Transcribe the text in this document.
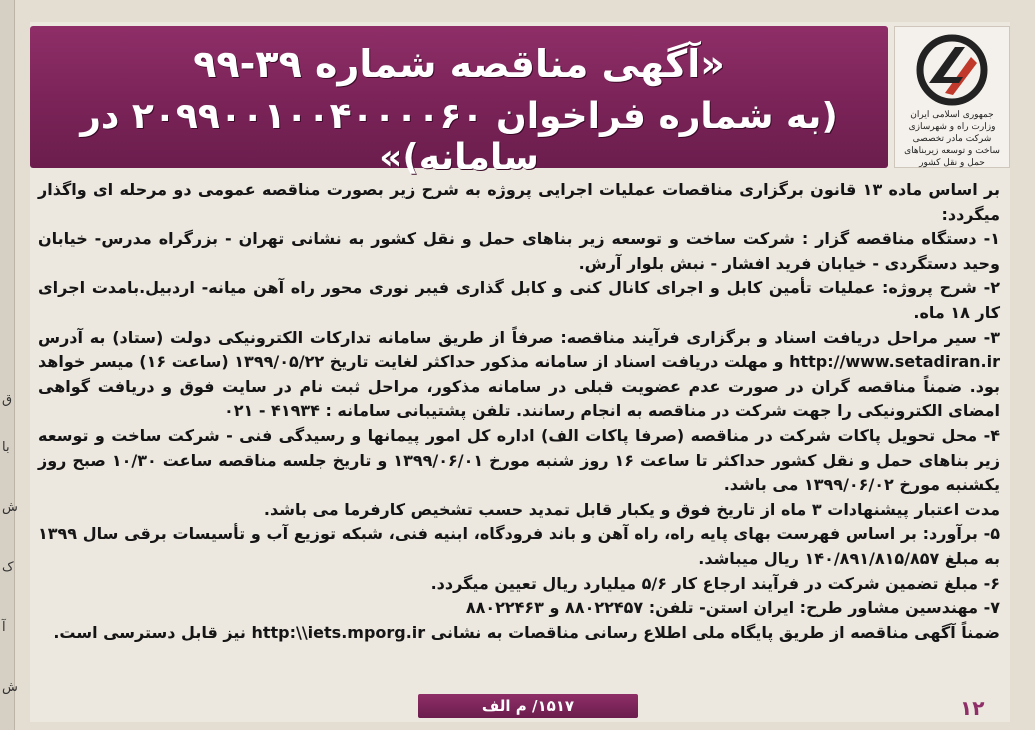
ق
با
ش
ک
آ
ش
«آگهی مناقصه شماره ۳۹-۹۹
(به شماره فراخوان ۲۰۹۹۰۰۱۰۰۴۰۰۰۰۶۰ در سامانه)»
جمهوری اسلامی ایران
وزارت راه و شهرسازی
شرکت مادر تخصصی ساخت و توسعه زیربناهای حمل و نقل کشور

بر اساس ماده ۱۳ قانون برگزاری مناقصات عملیات اجرایی پروژه به شرح زیر بصورت مناقصه عمومی دو مرحله ای واگذار میگردد:

۱- دستگاه مناقصه گزار : شرکت ساخت و توسعه زیر بناهای حمل و نقل کشور به نشانی تهران - بزرگراه مدرس- خیابان وحید دستگردی - خیابان فرید افشار - نبش بلوار آرش.

۲- شرح پروژه: عملیات تأمین کابل و اجرای کانال کنی و کابل گذاری فیبر نوری محور راه آهن میانه- اردبیل.بامدت اجرای کار ۱۸ ماه.

۳- سیر مراحل دریافت اسناد و برگزاری فرآیند مناقصه: صرفاً از طریق سامانه تدارکات الکترونیکی دولت (ستاد) به آدرس http://www.setadiran.ir و مهلت دریافت اسناد از سامانه مذکور حداکثر لغایت تاریخ ۱۳۹۹/۰۵/۲۲ (ساعت ۱۶) میسر خواهد بود. ضمناً مناقصه گران در صورت عدم عضویت قبلی در سامانه مذکور، مراحل ثبت نام در سایت فوق و دریافت گواهی امضای الکترونیکی را جهت شرکت در مناقصه به انجام رسانند. تلفن پشتیبانی سامانه : ۴۱۹۳۴ - ۰۲۱

۴- محل تحویل پاکات شرکت در مناقصه (صرفا پاکات الف) اداره کل امور پیمانها و رسیدگی فنی - شرکت ساخت و توسعه زیر بناهای حمل و نقل کشور حداکثر تا ساعت ۱۶ روز شنبه مورخ ۱۳۹۹/۰۶/۰۱ و تاریخ جلسه مناقصه ساعت ۱۰/۳۰ صبح روز یکشنبه مورخ ۱۳۹۹/۰۶/۰۲ می باشد.

مدت اعتبار پیشنهادات ۳ ماه از تاریخ فوق و یکبار قابل تمدید حسب تشخیص کارفرما می باشد.

۵- برآورد: بر اساس فهرست بهای پایه راه، راه آهن و باند فرودگاه، ابنیه فنی، شبکه توزیع آب و تأسیسات برقی سال ۱۳۹۹ به مبلغ ۱۴۰/۸۹۱/۸۱۵/۸۵۷ ریال میباشد.

۶- مبلغ تضمین شرکت در فرآیند ارجاع کار ۵/۶ میلیارد ریال تعیین میگردد.

۷- مهندسین مشاور طرح: ایران استن- تلفن: ۸۸۰۲۲۴۵۷ و ۸۸۰۲۲۴۶۳

ضمناً آگهی مناقصه از طریق پایگاه ملی اطلاع رسانی مناقصات به نشانی http:\\iets.mporg.ir نیز قابل دسترسی است.

۱۵۱۷/ م الف	۱۲
